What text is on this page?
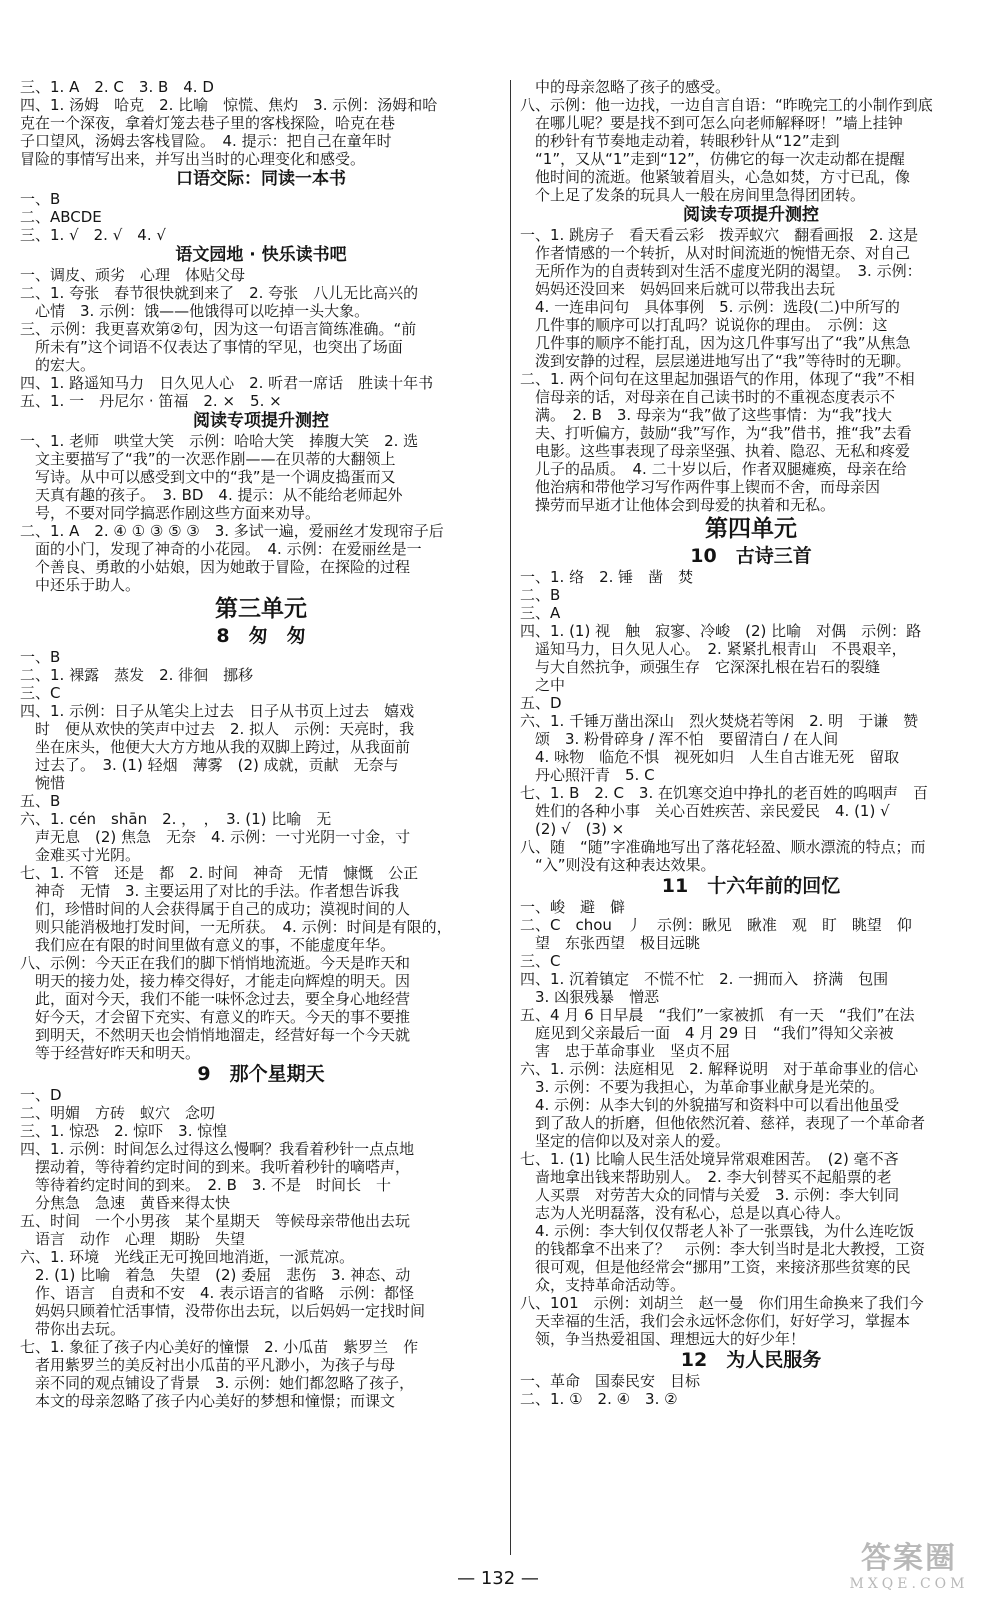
三、1. A　2. C　3. B　4. D

四、1. 汤姆　哈克　2. 比喻　惊慌、焦灼　3. 示例：汤姆和哈

克在一个深夜，拿着灯笼去巷子里的客栈探险，哈克在巷

子口望风，汤姆去客栈冒险。　4. 提示：把自己在童年时

冒险的事情写出来，并写出当时的心理变化和感受。

口语交际：同读一本书

一、B

二、ABCDE

三、1. √　2. √　4. √

语文园地 · 快乐读书吧

一、调皮、顽劣　心理　体贴父母

二、1. 夸张　春节很快就到来了　2. 夸张　八儿无比高兴的

　心情　3. 示例：饿——他饿得可以吃掉一头大象。

三、示例：我更喜欢第②句，因为这一句语言简练准确。“前

　所未有”这个词语不仅表达了事情的罕见，也突出了场面

　的宏大。

四、1. 路遥知马力　日久见人心　2. 听君一席话　胜读十年书

五、1. 一　丹尼尔 · 笛福　2. ×　5. ×

阅读专项提升测控

一、1. 老师　哄堂大笑　示例：哈哈大笑　捧腹大笑　2. 选

　文主要描写了“我”的一次恶作剧——在贝蒂的大翻领上

　写诗。从中可以感受到文中的“我”是一个调皮捣蛋而又

　天真有趣的孩子。　3. BD　4. 提示：从不能给老师起外

　号，不要对同学搞恶作剧这些方面来劝导。

二、1. A　2. ④ ① ③ ⑤ ③　3. 多试一遍，爱丽丝才发现帘子后

　面的小门，发现了神奇的小花园。　4. 示例：在爱丽丝是一

　个善良、勇敢的小姑娘，因为她敢于冒险，在探险的过程

　中还乐于助人。

第三单元

8　匆　匆

一、B

二、1. 裸露　蒸发　2. 徘徊　挪移

三、C

四、1. 示例：日子从笔尖上过去　日子从书页上过去　嬉戏

　时　便从欢快的笑声中过去　2. 拟人　示例：天亮时，我

　坐在床头，他便大大方方地从我的双脚上跨过，从我面前

　过去了。　3. (1) 轻烟　薄雾　(2) 成就，贡献　无奈与

　惋惜

五、B

六、1. cén　shān　2. ，　，　3. (1) 比喻　无

　声无息　(2) 焦急　无奈　4. 示例：一寸光阴一寸金，寸

　金难买寸光阴。

七、1. 不管　还是　都　2. 时间　神奇　无情　慷慨　公正

　神奇　无情　3. 主要运用了对比的手法。作者想告诉我

　们，珍惜时间的人会获得属于自己的成功；漠视时间的人

　则只能消极地打发时间，一无所获。　4. 示例：时间是有限的，

　我们应在有限的时间里做有意义的事，不能虚度年华。

八、示例：今天正在我们的脚下悄悄地流逝。今天是昨天和

　明天的接力处，接力棒交得好，才能走向辉煌的明天。因

　此，面对今天，我们不能一味怀念过去，要全身心地经营

　好今天，才会留下充实、有意义的昨天。今天的事不要推

　到明天，不然明天也会悄悄地溜走，经营好每一个今天就

　等于经营好昨天和明天。

9　那个星期天

一、D

二、明媚　方砖　蚁穴　念叨

三、1. 惊恐　2. 惊吓　3. 惊惶

四、1. 示例：时间怎么过得这么慢啊？我看着秒针一点点地

　摆动着，等待着约定时间的到来。我听着秒针的嘀嗒声，

　等待着约定时间的到来。　2. B　3. 不是　时间长　十

　分焦急　急速　黄昏来得太快

五、时间　一个小男孩　某个星期天　等候母亲带他出去玩

　语言　动作　心理　期盼　失望

六、1. 环境　光线正无可挽回地消逝，一派荒凉。

　2. (1) 比喻　着急　失望　(2) 委屈　悲伤　3. 神态、动

　作、语言　自责和不安　4. 表示语言的省略　示例：都怪

　妈妈只顾着忙活事情，没带你出去玩，以后妈妈一定找时间

　带你出去玩。

七、1. 象征了孩子内心美好的憧憬　2. 小瓜苗　紫罗兰　作

　者用紫罗兰的美反衬出小瓜苗的平凡渺小，为孩子与母

　亲不同的观点铺设了背景　3. 示例：她们都忽略了孩子，

　本文的母亲忽略了孩子内心美好的梦想和憧憬；而课文

　中的母亲忽略了孩子的感受。

八、示例：他一边找，一边自言自语：“昨晚完工的小制作到底

　在哪儿呢？要是找不到可怎么向老师解释呀！”墙上挂钟

　的秒针有节奏地走动着，转眼秒针从“12”走到

　“1”，又从“1”走到“12”，仿佛它的每一次走动都在提醒

　他时间的流逝。他紧皱着眉头，心急如焚，方寸已乱，像

　个上足了发条的玩具人一般在房间里急得团团转。

阅读专项提升测控

一、1. 跳房子　看天看云彩　拨弄蚁穴　翻看画报　2. 这是

　作者情感的一个转折，从对时间流逝的惋惜无奈、对自己

　无所作为的自责转到对生活不虚度光阴的渴望。　3. 示例：

　妈妈还没回来　妈妈回来后就可以带我出去玩

　4. 一连串问句　具体事例　5. 示例：选段(二)中所写的

　几件事的顺序可以打乱吗？说说你的理由。　示例：这

　几件事的顺序不能打乱，因为这几件事写出了“我”从焦急

　泼到安静的过程，层层递进地写出了“我”等待时的无聊。

二、1. 两个问句在这里起加强语气的作用，体现了“我”不相

　信母亲的话，对母亲在自己读书时的不重视态度表示不

　满。　2. B　3. 母亲为“我”做了这些事情：为“我”找大

　夫、打听偏方，鼓励“我”写作，为“我”借书，推“我”去看

　电影。这些事表现了母亲坚强、执着、隐忍、无私和疼爱

　儿子的品质。　4. 二十岁以后，作者双腿瘫痪，母亲在给

　他治病和带他学习写作两件事上锲而不舍，而母亲因

　操劳而早逝才让他体会到母爱的执着和无私。

第四单元

10　古诗三首

一、1. 络　2. 锤　凿　焚

二、B

三、A

四、1. (1) 视　触　寂寥、冷峻　(2) 比喻　对偶　示例：路

　遥知马力，日久见人心。　2. 紧紧扎根青山　不畏艰辛，

　与大自然抗争，顽强生存　它深深扎根在岩石的裂缝

　之中

五、D

六、1. 千锤万凿出深山　烈火焚烧若等闲　2. 明　于谦　赞

　颂　3. 粉骨碎身 / 浑不怕　要留清白 / 在人间

　4. 咏物　临危不惧　视死如归　人生自古谁无死　留取

　丹心照汗青　5. C

七、1. B　2. C　3. 在饥寒交迫中挣扎的老百姓的呜咽声　百

　姓们的各种小事　关心百姓疾苦、亲民爱民　4. (1) √

　(2) √　(3) ×

八、随　“随”字准确地写出了落花轻盈、顺水漂流的特点；而

　“入”则没有这种表达效果。

11　十六年前的回忆

一、峻　避　僻

二、C　chou　丿　示例：瞅见　瞅准　观　盯　眺望　仰

　望　东张西望　极目远眺

三、C

四、1. 沉着镇定　不慌不忙　2. 一拥而入　挤满　包围

　3. 凶狠残暴　憎恶

五、4 月 6 日早晨　“我们”一家被抓　有一天　“我们”在法

　庭见到父亲最后一面　4 月 29 日　“我们”得知父亲被

　害　忠于革命事业　坚贞不屈

六、1. 示例：法庭相见　2. 解释说明　对于革命事业的信心

　3. 示例：不要为我担心，为革命事业献身是光荣的。

　4. 示例：从李大钊的外貌描写和资料中可以看出他虽受

　到了敌人的折磨，但他依然沉着、慈祥，表现了一个革命者

　坚定的信仰以及对亲人的爱。

七、1. (1) 比喻人民生活处境异常艰难困苦。　(2) 毫不吝

　啬地拿出钱来帮助别人。　2. 李大钊替买不起船票的老

　人买票　对劳苦大众的同情与关爱　3. 示例：李大钊同

　志为人光明磊落，没有私心，总是以真心待人。

　4. 示例：李大钊仅仅帮老人补了一张票钱，为什么连吃饭

　的钱都拿不出来了？　示例：李大钊当时是北大教授，工资

　很可观，但是他经常会“挪用”工资，来接济那些贫寒的民

　众，支持革命活动等。

八、101　示例：刘胡兰　赵一曼　你们用生命换来了我们今

　天幸福的生活，我们会永远怀念你们，好好学习，掌握本

　领，争当热爱祖国、理想远大的好少年！

12　为人民服务

一、革命　国泰民安　目标

二、1. ①　2. ④　3. ②

— 132 —
答案圈
MXQE.COM
